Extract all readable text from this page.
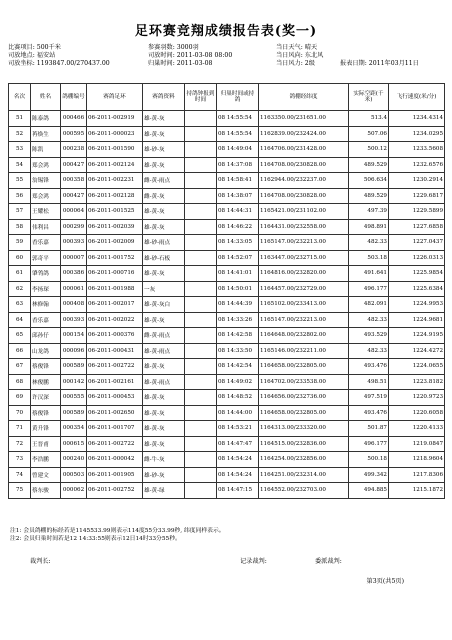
足环赛竞翔成绩报告表(奖一)
比赛项目: 500千米	参赛羽数: 3000羽	当日天气: 晴天
司放地点: 福安站	司放时间: 2011-03-08 08:00	当日风向: 东北风
司放坐标: 1193847.00/270437.00	归巢时间: 2011-03-08	当日风力: 2级	报表日期: 2011年03月11日
名次	姓名	鸽棚编号	赛鸽足环	赛鸽资料	持鸽钟报到时间	归巢时间或持鸽	鸽棚经纬度	实际空距(千米)	飞行速度(米/分)
51	陈泰鸽	000466	06-2011-002919	雄-黄-灰		08 14:55:54	1163350.00/231651.00	513.4	1234.4314
52	苒焕生	000595	06-2011-000023	雄-黄-灰		08 14:55:54	1162839.00/232424.00	507.06	1234.0295
53	陈凯	000238	06-2011-001590	雄-砂-灰		08 14:49:04	1164706.00/231428.00	500.12	1233.5608
54	郑会鸿	000427	06-2011-002124	雄-黄-灰		08 14:37:08	1164708.00/230828.00	489.529	1232.6576
55	翁锡锋	000358	06-2011-002231	雌-黄-雨点		08 14:58:41	1162944.00/232237.00	506.634	1230.2914
56	郑会鸿	000427	06-2011-002128	雌-黄-灰		08 14:38:07	1164708.00/230828.00	489.529	1229.6817
57	王耀松	000064	06-2011-001525	雄-黄-灰		08 14:44:31	1165421.00/231102.00	497.39	1229.5899
58	伟利昌	000299	06-2011-002039	雄-黄-灰		08 14:46:22	1164431.00/232558.00	498.891	1227.6858
59	香乐嘉	000393	06-2011-002009	雄-砂-雨点		08 14:33:05	1165147.00/232213.00	482.33	1227.0437
60	郭奇平	000007	06-2011-001752	雄-砂-石板		08 14:52:07	1163447.00/232715.00	503.18	1226.0313
61	肇鸰鸽	000386	06-2011-000716	雄-黄-灰		08 14:41:01	1164816.00/232820.00	491.641	1225.9854
62	李扬琛	000061	06-2011-001988	一灰		08 14:50:01	1164457.00/232729.00	496.177	1225.6384
63	林修翰	000408	06-2011-002017	雄-黄-灰白		08 14:44:39	1165102.00/233413.00	482.091	1224.9953
64	香乐嘉	000393	06-2011-002022	雄-黄-灰		08 14:33:26	1165147.00/232213.00	482.33	1224.9681
65	邱孙仔	000154	06-2011-000376	雌-黄-雨点		08 14:42:58	1164648.00/232802.00	493.529	1224.9195
66	山龙鸽	000096	06-2011-000431	雄-黄-雨点		08 14:33:50	1165146.00/232211.00	482.33	1224.4272
67	蔡俊锋	000589	06-2011-002722	雄-黄-灰		08 14:42:54	1164658.00/232805.00	493.476	1224.0655
68	林俊鹏	000142	06-2011-002161	雄-黄-雨点		08 14:49:02	1164702.00/233538.00	498.51	1223.8182
69	许汉深	000555	06-2011-000453	雄-黄-灰		08 14:48:52	1164656.00/232736.00	497.519	1220.9723
70	蔡俊锋	000589	06-2011-002650	雄-黄-灰		08 14:44:00	1164658.00/232805.00	493.476	1220.6058
71	黄升锋	000354	06-2011-001707	雄-黄-灰		08 14:53:21	1164313.00/233320.00	501.87	1220.4133
72	王晋甫	000615	06-2011-002722	雄-黄-灰		08 14:47:47	1164515.00/232836.00	496.177	1219.0847
73	李浩鹏	000240	06-2011-000042	雌-牛-灰		08 14:54:24	1164254.00/232856.00	500.18	1218.9604
74	曾建文	000503	06-2011-001905	雄-砂-灰		08 14:54:24	1164251.00/232314.00	499.342	1217.8306
75	蔡东骏	000062	06-2011-002752	雄-黄-绿		08 14:47:15	1164552.00/232703.00	494.885	1215.1872
注1: 会员鸽棚的标经若是1145533.99则表示114度55分33.99秒, 纬度同样表示。
注2: 会员归巢时间若是12 14:33:55则表示12日14时33分55秒。
裁判长:	记录裁判:	委派裁判:
第3页(共5页)
